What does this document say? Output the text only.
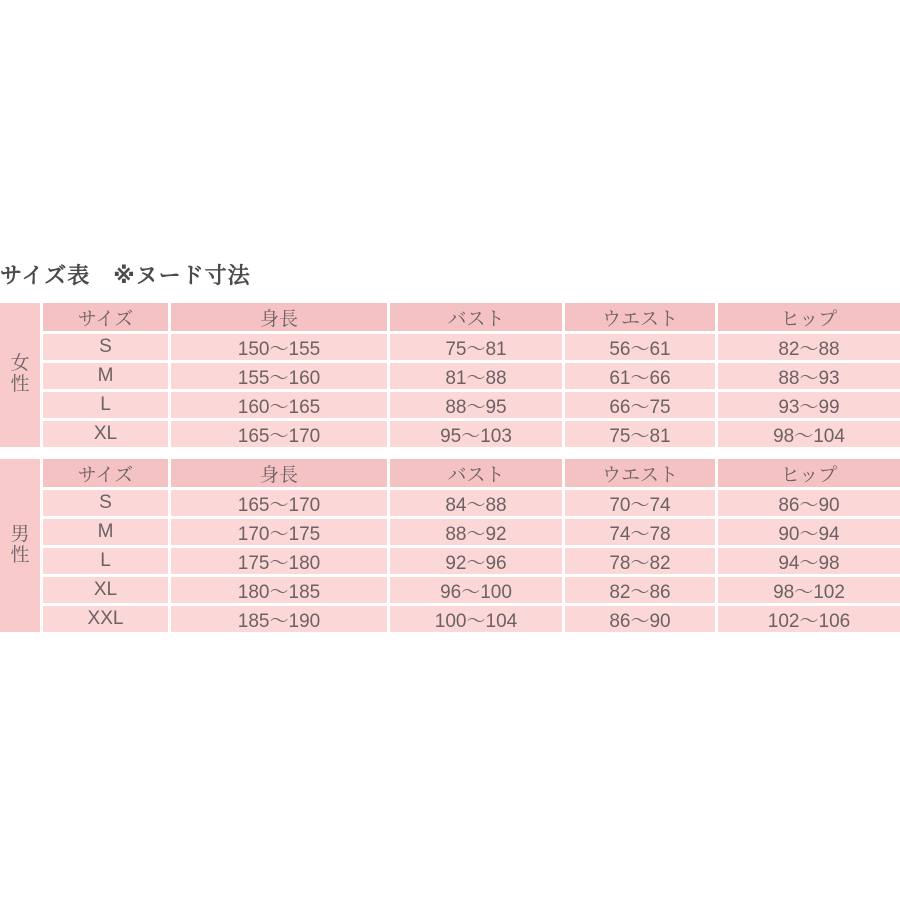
サイズ表　※ヌード寸法
女性
サイズ	身長	バスト	ウエスト	ヒップ
S	150〜155	75〜81	56〜61	82〜88
M	155〜160	81〜88	61〜66	88〜93
L	160〜165	88〜95	66〜75	93〜99
XL	165〜170	95〜103	75〜81	98〜104
男性
サイズ	身長	バスト	ウエスト	ヒップ
S	165〜170	84〜88	70〜74	86〜90
M	170〜175	88〜92	74〜78	90〜94
L	175〜180	92〜96	78〜82	94〜98
XL	180〜185	96〜100	82〜86	98〜102
XXL	185〜190	100〜104	86〜90	102〜106
